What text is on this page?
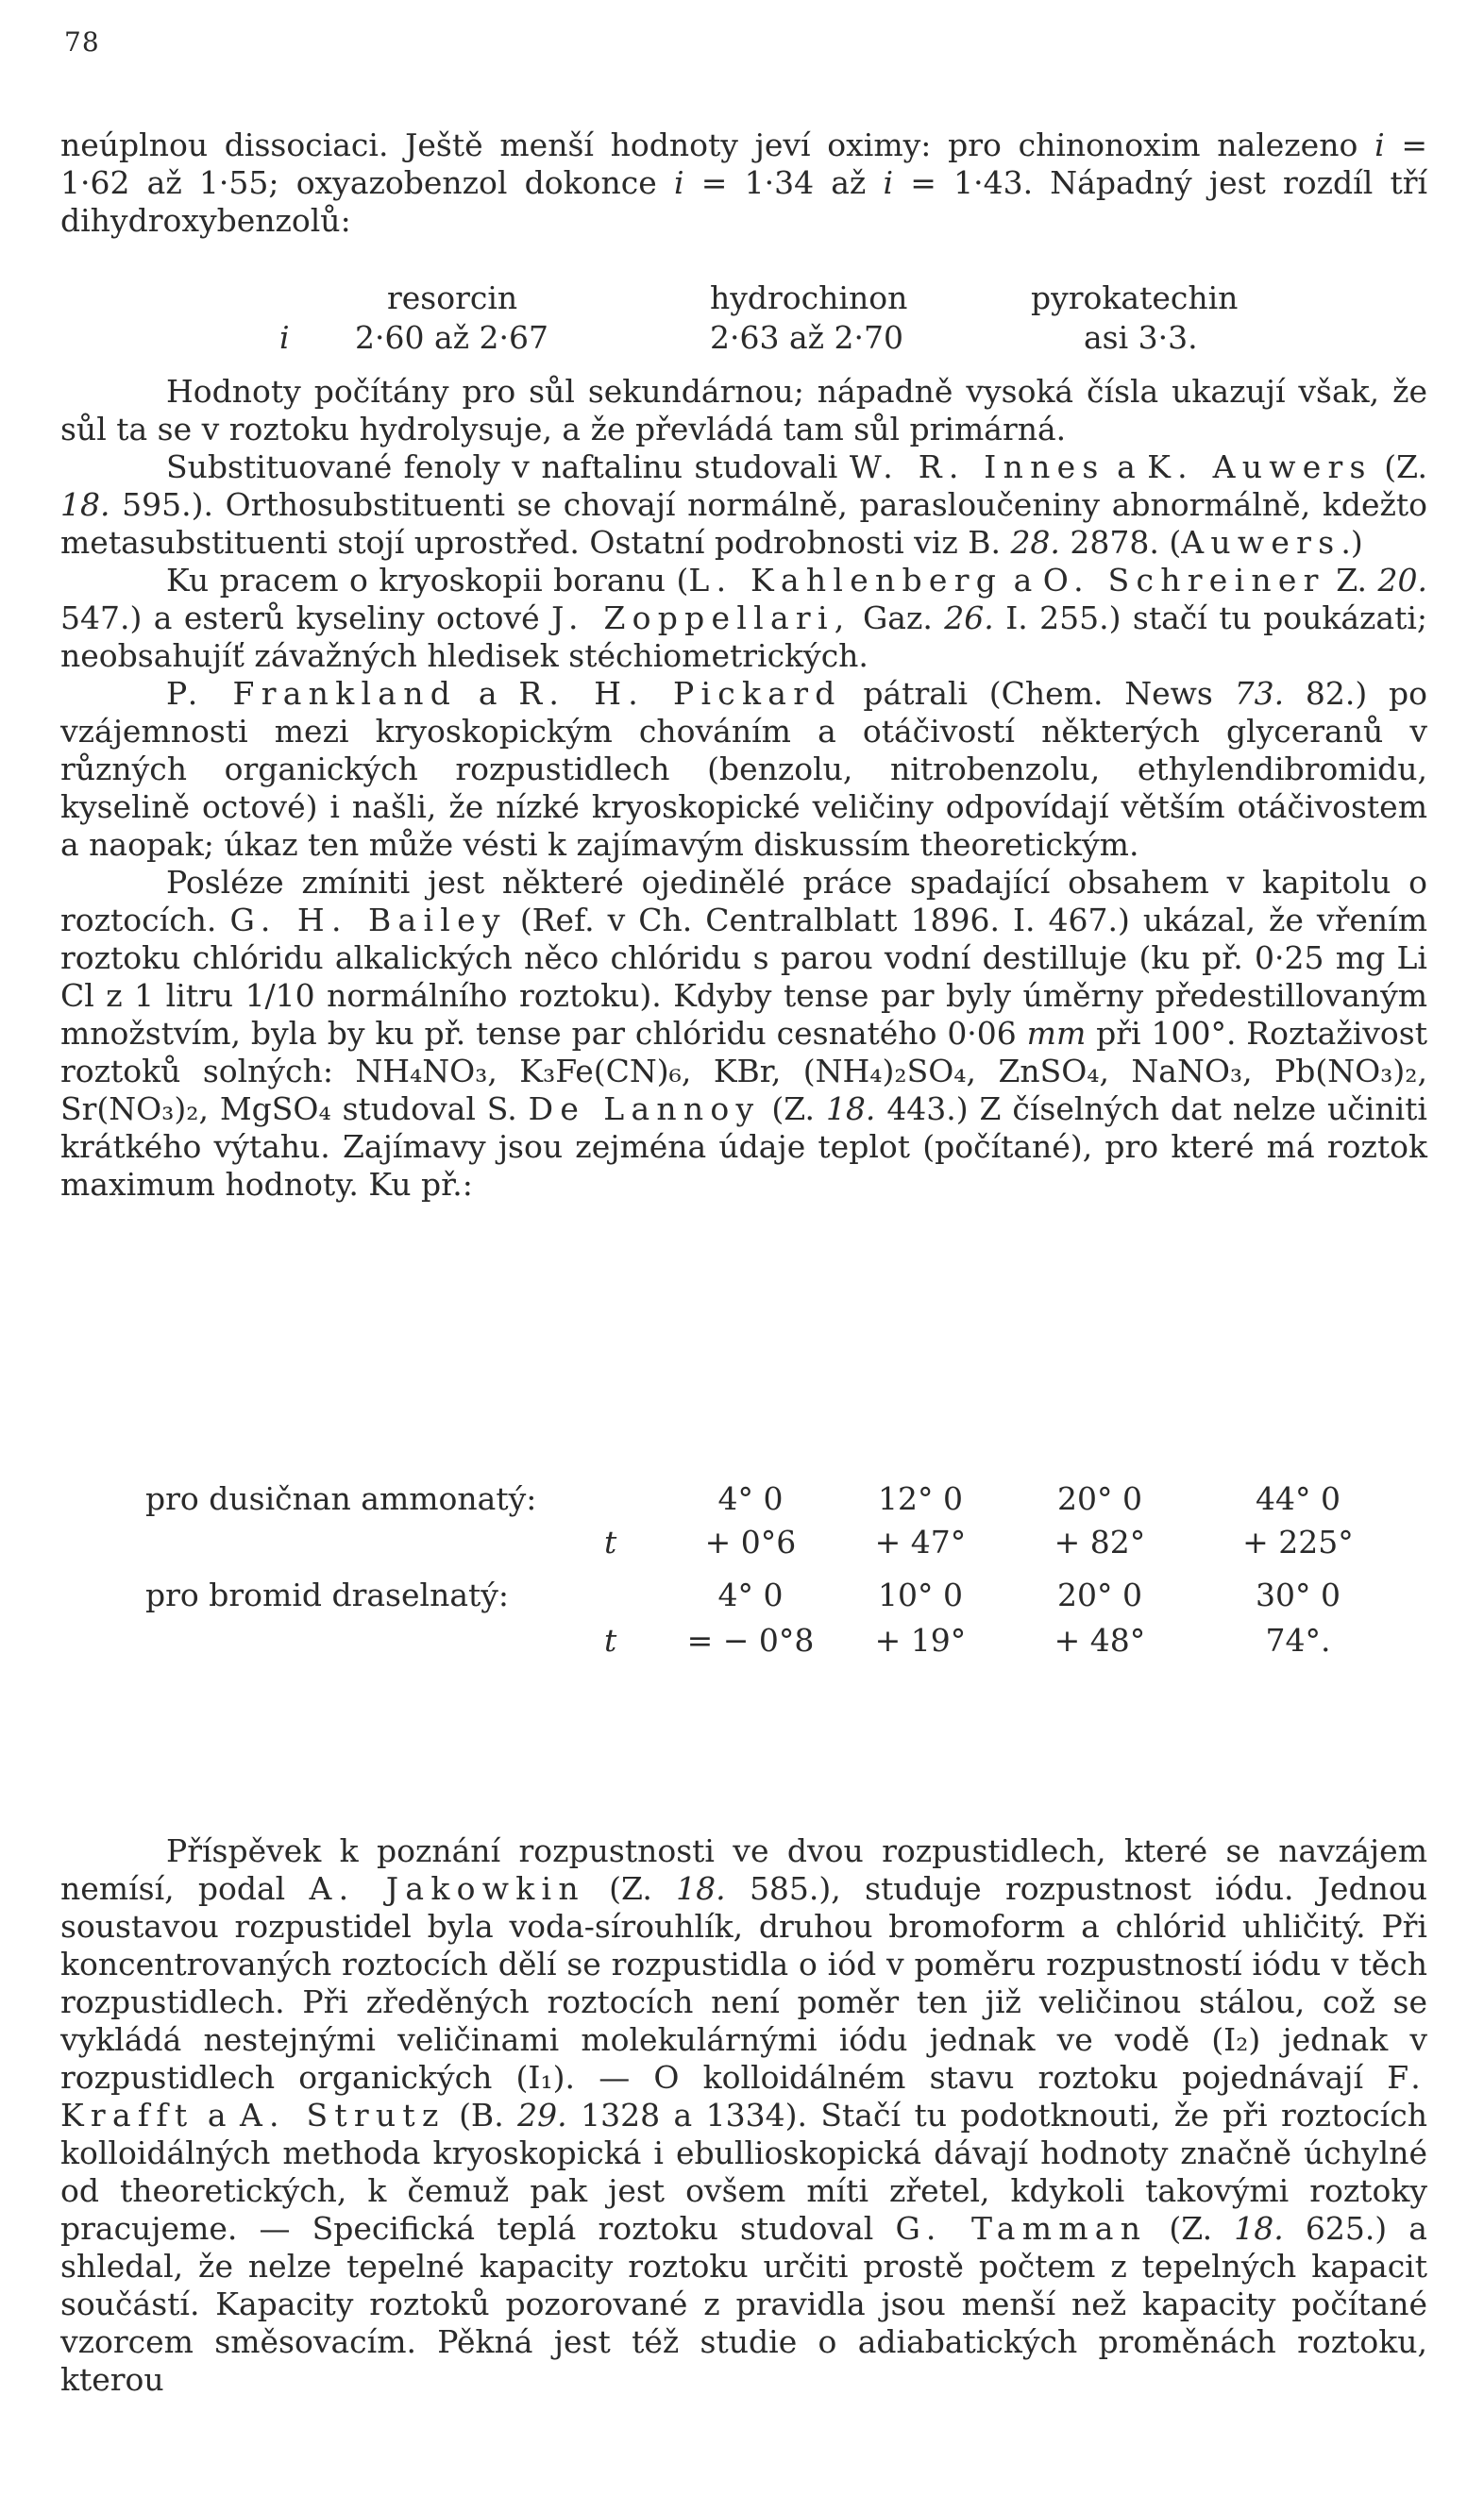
78

neúplnou dissociaci. Ještě menší hodnoty jeví oximy: pro chinonoxim nalezeno i = 1·62 až 1·55; oxyazobenzol dokonce i = 1·34 až i = 1·43. Nápadný jest rozdíl tří dihydroxybenzolů:

resorcin	hydrochinon	pyrokatechin
i 2·60 až 2·67	2·63 až 2·70	asi 3·3.

Hodnoty počítány pro sůl sekundárnou; nápadně vysoká čísla ukazují však, že sůl ta se v roztoku hydrolysuje, a že převládá tam sůl primárná.

Substituované fenoly v naftalinu studovali W. R. Innes a K. Auwers (Z. 18. 595.). Orthosubstituenti se chovají normálně, parasloučeniny abnormálně, kdežto metasubstituenti stojí uprostřed. Ostatní podrobnosti viz B. 28. 2878. (Auwers.)

Ku pracem o kryoskopii boranu (L. Kahlenberg a O. Schreiner Z. 20. 547.) a esterů kyseliny octové J. Zoppellari, Gaz. 26. I. 255.) stačí tu poukázati; neobsahujíť závažných hledisek stéchiometrických.

P. Frankland a R. H. Pickard pátrali (Chem. News 73. 82.) po vzájemnosti mezi kryoskopickým chováním a otáčivostí některých glyceranů v různých organických rozpustidlech (benzolu, nitrobenzolu, ethylendibromidu, kyselině octové) i našli, že nízké kryoskopické veličiny odpovídají větším otáčivostem a naopak; úkaz ten může vésti k zajímavým diskussím theoretickým.

Posléze zmíniti jest některé ojedinělé práce spadající obsahem v kapitolu o roztocích. G. H. Bailey (Ref. v Ch. Centralblatt 1896. I. 467.) ukázal, že vřením roztoku chlóridu alkalických něco chlóridu s parou vodní destilluje (ku př. 0·25 mg Li Cl z 1 litru 1/10 normálního roztoku). Kdyby tense par byly úměrny předestillovaným množstvím, byla by ku př. tense par chlóridu cesnatého 0·06 mm při 100°. Roztaživost roztoků solných: NH₄NO₃, K₃Fe(CN)₆, KBr, (NH₄)₂SO₄, ZnSO₄, NaNO₃, Pb(NO₃)₂, Sr(NO₃)₂, MgSO₄ studoval S. De Lannoy (Z. 18. 443.) Z číselných dat nelze učiniti krátkého výtahu. Zajímavy jsou zejména údaje teplot (počítané), pro které má roztok maximum hodnoty. Ku př.:

pro dusičnan ammonatý:	4° 0	12° 0	20° 0	44° 0
t	+ 0°6	+ 47°	+ 82°	+ 225°
pro bromid draselnatý:	4° 0	10° 0	20° 0	30° 0
t = − 0°8	+ 19°	+ 48°	74°.

Příspěvek k poznání rozpustnosti ve dvou rozpustidlech, které se navzájem nemísí, podal A. Jakowkin (Z. 18. 585.), studuje rozpustnost iódu. Jednou soustavou rozpustidel byla voda-sírouhlík, druhou bromoform a chlórid uhličitý. Při koncentrovaných roztocích dělí se rozpustidla o iód v poměru rozpustností iódu v těch rozpustidlech. Při zředěných roztocích není poměr ten již veličinou stálou, což se vykládá nestejnými veličinami molekulárnými iódu jednak ve vodě (I₂) jednak v rozpustidlech organických (I₁). — O kolloidálném stavu roztoku pojednávají F. Krafft a A. Strutz (B. 29. 1328 a 1334). Stačí tu podotknouti, že při roztocích kolloidálných methoda kryoskopická i ebullioskopická dávají hodnoty značně úchylné od theoretických, k čemuž pak jest ovšem míti zřetel, kdykoli takovými roztoky pracujeme. — Specifická teplá roztoku studoval G. Tamman (Z. 18. 625.) a shledal, že nelze tepelné kapacity roztoku určiti prostě počtem z tepelných kapacit součástí. Kapacity roztoků pozorované z pravidla jsou menší než kapacity počítané vzorcem směsovacím. Pěkná jest též studie o adiabatických proměnách roztoku, kterou
